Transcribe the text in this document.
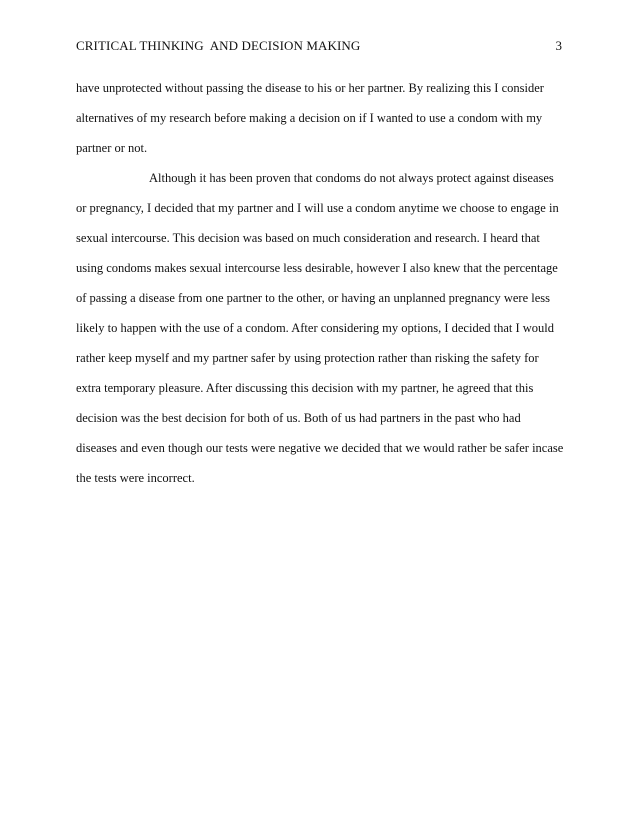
CRITICAL THINKING  AND DECISION MAKING	3
have unprotected without passing the disease to his or her partner. By realizing this I consider
alternatives of my research before making a decision on if I wanted to use a condom with my
partner or not.
Although it has been proven that condoms do not always protect against diseases
or pregnancy, I decided that my partner and I will use a condom anytime we choose to engage in
sexual intercourse. This decision was based on much consideration and research. I heard that
using condoms makes sexual intercourse less desirable, however I also knew that the percentage
of passing a disease from one partner to the other, or having an unplanned pregnancy were less
likely to happen with the use of a condom. After considering my options, I decided that I would
rather keep myself and my partner safer by using protection rather than risking the safety for
extra temporary pleasure. After discussing this decision with my partner, he agreed that this
decision was the best decision for both of us. Both of us had partners in the past who had
diseases and even though our tests were negative we decided that we would rather be safer incase
the tests were incorrect.
